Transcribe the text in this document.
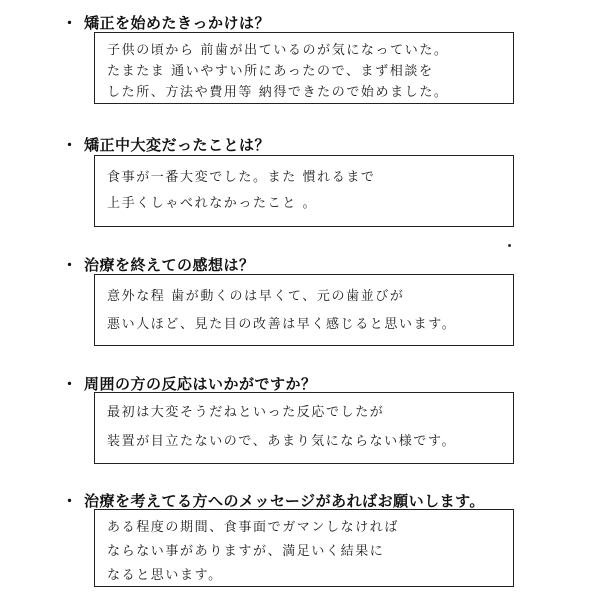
・ 矯正を始めたきっかけは？

子供の頃から 前歯が出ているのが気になっていた。

たまたま 通いやすい所にあったので、まず相談を

した所、方法や費用等 納得できたので始めました。

・ 矯正中大変だったことは？

食事が一番大変でした。また 慣れるまで

上手くしゃべれなかったこと 。

・ 治療を終えての感想は？

意外な程 歯が動くのは早くて、元の歯並びが

悪い人ほど、見た目の改善は早く感じると思います。

・ 周囲の方の反応はいかがですか？

最初は大変そうだねといった反応でしたが

装置が目立たないので、あまり気にならない様です。

・ 治療を考えてる方へのメッセージがあればお願いします。

ある程度の期間、食事面でガマンしなければ

ならない事がありますが、満足いく結果に

なると思います。
